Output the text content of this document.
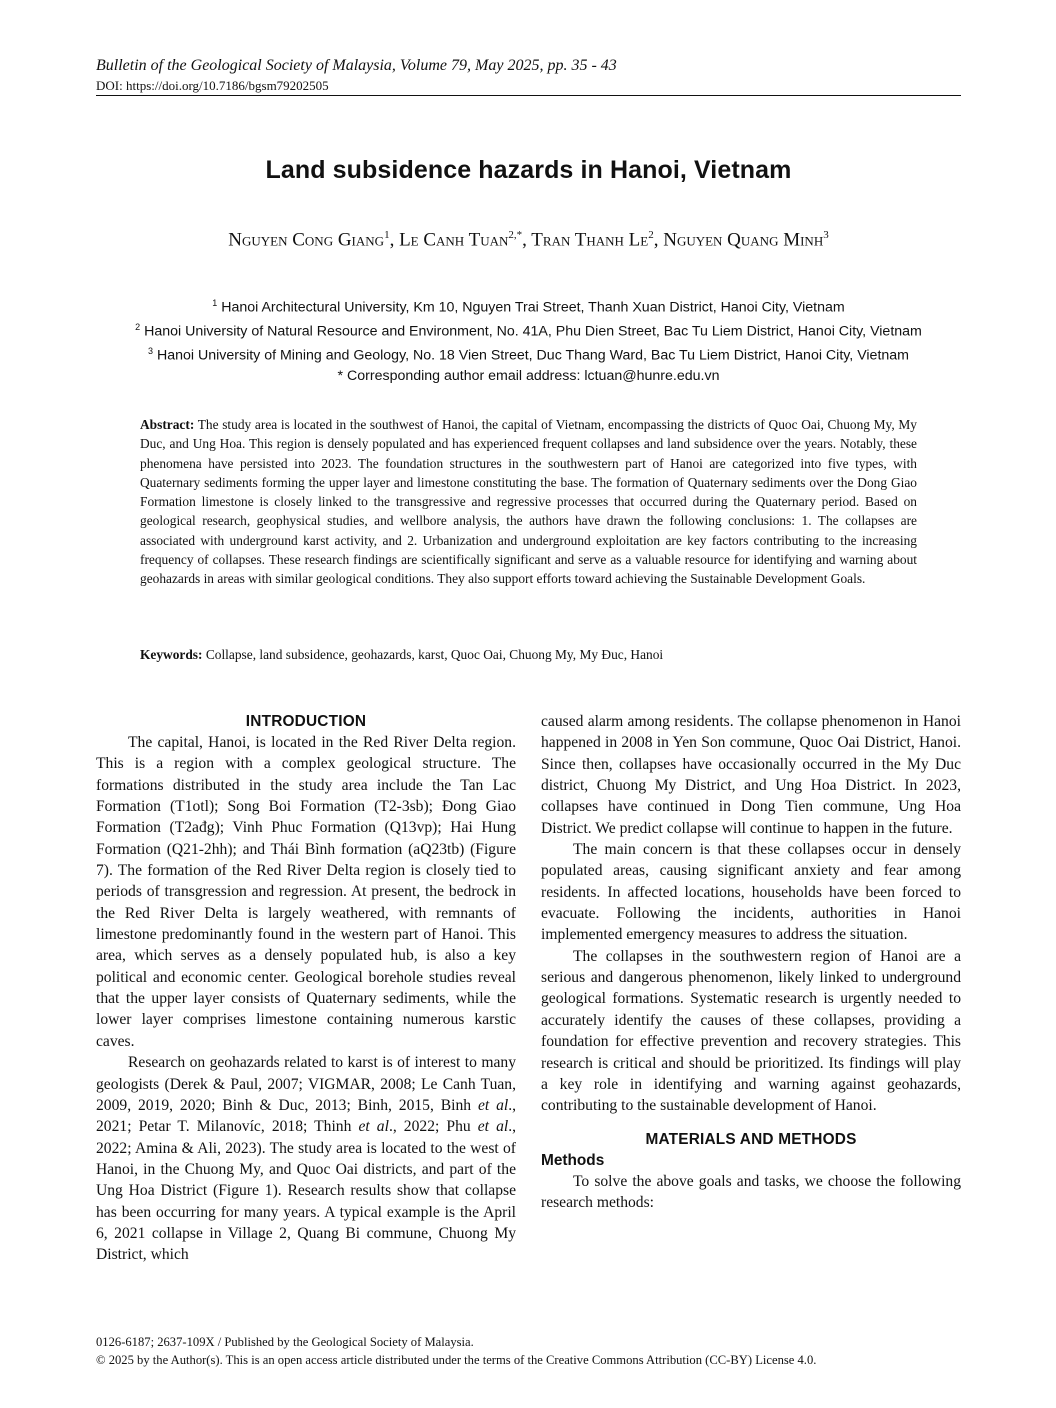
Bulletin of the Geological Society of Malaysia, Volume 79, May 2025, pp. 35 - 43
DOI: https://doi.org/10.7186/bgsm79202505
Land subsidence hazards in Hanoi, Vietnam
Nguyen Cong Giang$^1$, Le Canh Tuan$^{2,*}$, Tran Thanh Le$^2$, Nguyen Quang Minh$^3$
$^1$ Hanoi Architectural University, Km 10, Nguyen Trai Street, Thanh Xuan District, Hanoi City, Vietnam
$^2$ Hanoi University of Natural Resource and Environment, No. 41A, Phu Dien Street, Bac Tu Liem District, Hanoi City, Vietnam
$^3$ Hanoi University of Mining and Geology, No. 18 Vien Street, Duc Thang Ward, Bac Tu Liem District, Hanoi City, Vietnam
* Corresponding author email address: lctuan@hunre.edu.vn
Abstract: The study area is located in the southwest of Hanoi, the capital of Vietnam, encompassing the districts of Quoc Oai, Chuong My, My Duc, and Ung Hoa. This region is densely populated and has experienced frequent collapses and land subsidence over the years. Notably, these phenomena have persisted into 2023. The foundation structures in the southwestern part of Hanoi are categorized into five types, with Quaternary sediments forming the upper layer and limestone constituting the base. The formation of Quaternary sediments over the Dong Giao Formation limestone is closely linked to the transgressive and regressive processes that occurred during the Quaternary period. Based on geological research, geophysical studies, and wellbore analysis, the authors have drawn the following conclusions: 1. The collapses are associated with underground karst activity, and 2. Urbanization and underground exploitation are key factors contributing to the increasing frequency of collapses. These research findings are scientifically significant and serve as a valuable resource for identifying and warning about geohazards in areas with similar geological conditions. They also support efforts toward achieving the Sustainable Development Goals.
Keywords: Collapse, land subsidence, geohazards, karst, Quoc Oai, Chuong My, My Đuc, Hanoi
INTRODUCTION

The capital, Hanoi, is located in the Red River Delta region. This is a region with a complex geological structure. The formations distributed in the study area include the Tan Lac Formation (T1otl); Song Boi Formation (T2-3sb); Đong Giao Formation (T2ađg); Vinh Phuc Formation (Q13vp); Hai Hung Formation (Q21-2hh); and Thái Bình formation (aQ23tb) (Figure 7). The formation of the Red River Delta region is closely tied to periods of transgression and regression. At present, the bedrock in the Red River Delta is largely weathered, with remnants of limestone predominantly found in the western part of Hanoi. This area, which serves as a densely populated hub, is also a key political and economic center. Geological borehole studies reveal that the upper layer consists of Quaternary sediments, while the lower layer comprises limestone containing numerous karstic caves.

Research on geohazards related to karst is of interest to many geologists (Derek & Paul, 2007; VIGMAR, 2008; Le Canh Tuan, 2009, 2019, 2020; Binh & Duc, 2013; Binh, 2015, Binh et al., 2021; Petar T. Milanovíc, 2018; Thinh et al., 2022; Phu et al., 2022; Amina & Ali, 2023). The study area is located to the west of Hanoi, in the Chuong My, and Quoc Oai districts, and part of the Ung Hoa District (Figure 1). Research results show that collapse has been occurring for many years. A typical example is the April 6, 2021 collapse in Village 2, Quang Bi commune, Chuong My District, which

caused alarm among residents. The collapse phenomenon in Hanoi happened in 2008 in Yen Son commune, Quoc Oai District, Hanoi. Since then, collapses have occasionally occurred in the My Duc district, Chuong My District, and Ung Hoa District. In 2023, collapses have continued in Dong Tien commune, Ung Hoa District. We predict collapse will continue to happen in the future.

The main concern is that these collapses occur in densely populated areas, causing significant anxiety and fear among residents. In affected locations, households have been forced to evacuate. Following the incidents, authorities in Hanoi implemented emergency measures to address the situation.

The collapses in the southwestern region of Hanoi are a serious and dangerous phenomenon, likely linked to underground geological formations. Systematic research is urgently needed to accurately identify the causes of these collapses, providing a foundation for effective prevention and recovery strategies. This research is critical and should be prioritized. Its findings will play a key role in identifying and warning against geohazards, contributing to the sustainable development of Hanoi.

MATERIALS AND METHODS
Methods

To solve the above goals and tasks, we choose the following research methods:

0126-6187; 2637-109X / Published by the Geological Society of Malaysia.
© 2025 by the Author(s). This is an open access article distributed under the terms of the Creative Commons Attribution (CC-BY) License 4.0.
